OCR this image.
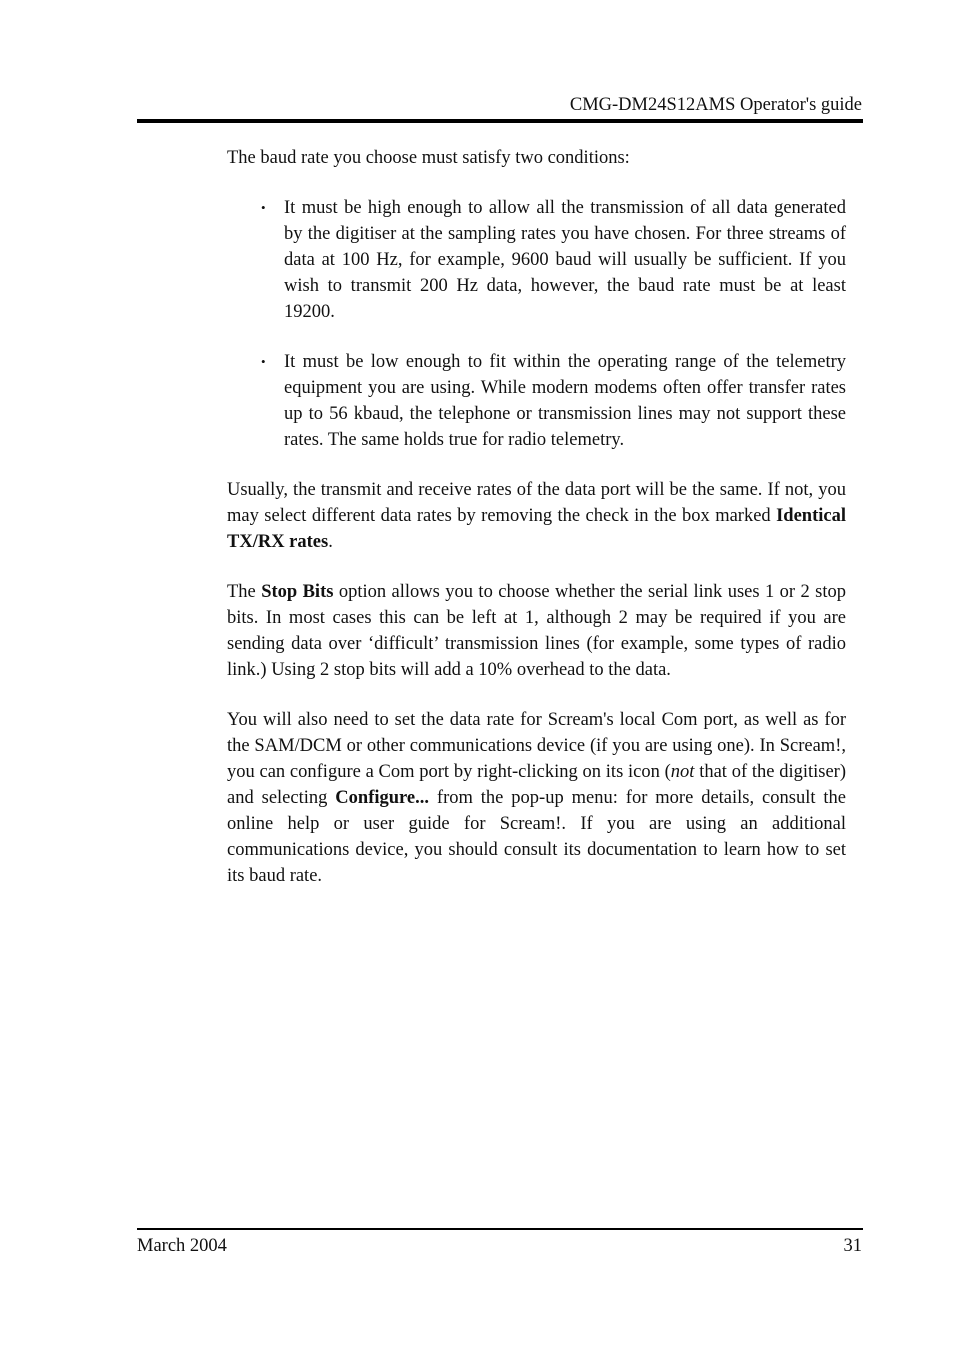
CMG-DM24S12AMS Operator's guide

The baud rate you choose must satisfy two conditions:

• It must be high enough to allow all the transmission of all data generated by the digitiser at the sampling rates you have chosen. For three streams of data at 100 Hz, for example, 9600 baud will usually be sufficient. If you wish to transmit 200 Hz data, however, the baud rate must be at least 19200.
• It must be low enough to fit within the operating range of the telemetry equipment you are using. While modern modems often offer transfer rates up to 56 kbaud, the telephone or transmission lines may not support these rates. The same holds true for radio telemetry.

Usually, the transmit and receive rates of the data port will be the same. If not, you may select different data rates by removing the check in the box marked Identical TX/RX rates.

The Stop Bits option allows you to choose whether the serial link uses 1 or 2 stop bits. In most cases this can be left at 1, although 2 may be required if you are sending data over ‘difficult’ transmission lines (for example, some types of radio link.) Using 2 stop bits will add a 10% overhead to the data.

You will also need to set the data rate for Scream's local Com port, as well as for the SAM/DCM or other communications device (if you are using one). In Scream!, you can configure a Com port by right-clicking on its icon (not that of the digitiser) and selecting Configure... from the pop-up menu: for more details, consult the online help or user guide for Scream!. If you are using an additional communications device, you should consult its documentation to learn how to set its baud rate.

March 2004	31
